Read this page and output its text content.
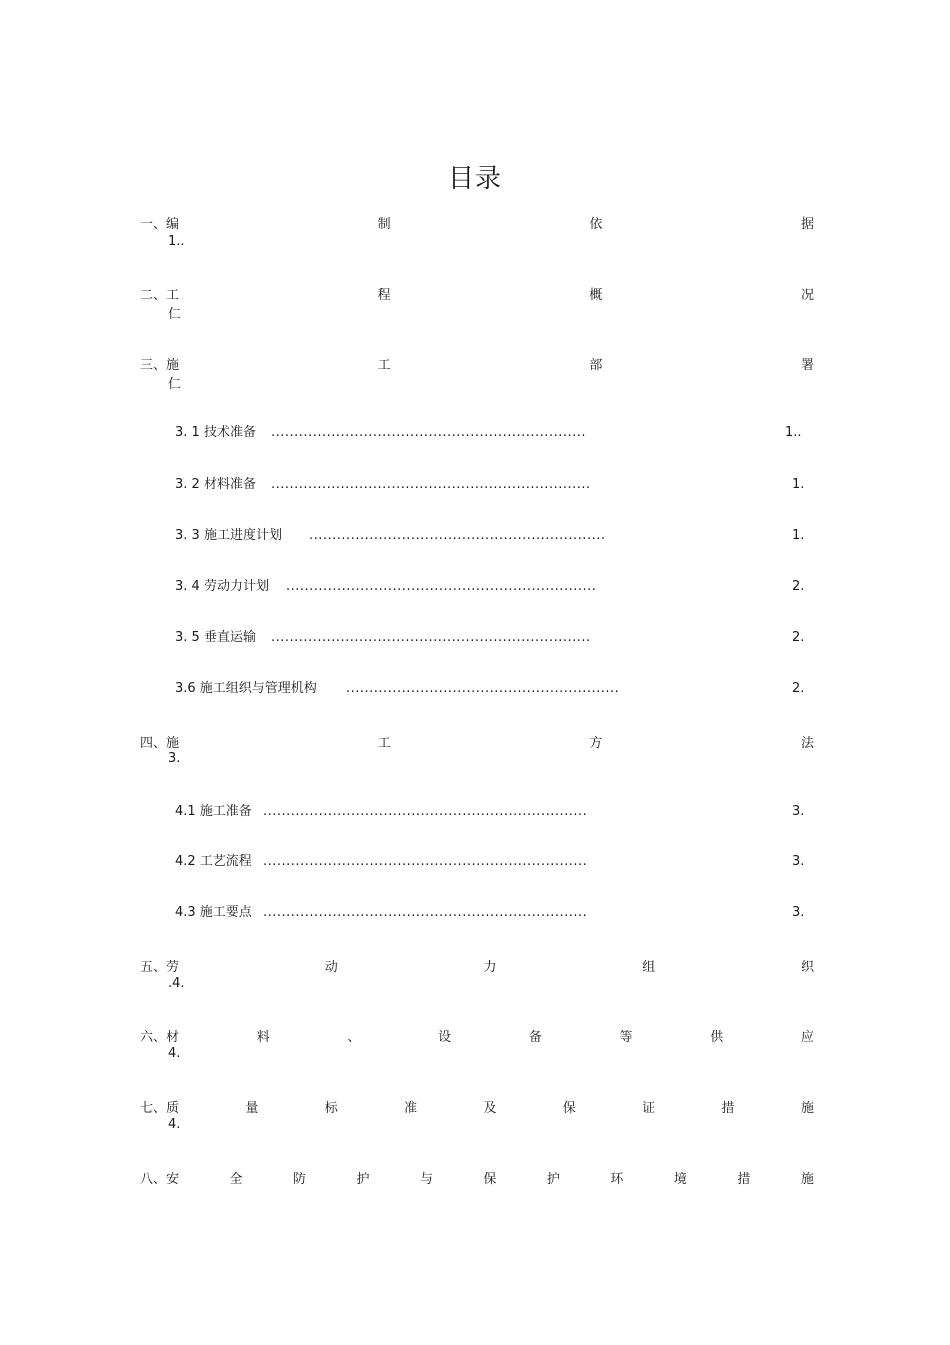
目录
一、编	制	依	据
1..
二、工	程	概	况
仁
三、施	工	部	署
仁
3. 1 技术准备 ....................................................................	1..
3. 2 材料准备 .....................................................................	1.
3. 3 施工进度计划 ................................................................	1.
3. 4 劳动力计划 ...................................................................	2.
3. 5 垂直运输 .....................................................................	2.
3.6 施工组织与管理机构 ...........................................................	2.
四、施	工	方	法
3.
4.1 施工准备 ......................................................................	3.
4.2 工艺流程 ......................................................................	3.
4.3 施工要点 ......................................................................	3.
五、劳	动	力	组	织
.4.
六、材	料	、	设	备	等	供	应
4.
七、质	量	标	准	及	保	证	措	施
4.
八、安	全	防	护	与	保	护	环	境	措	施
